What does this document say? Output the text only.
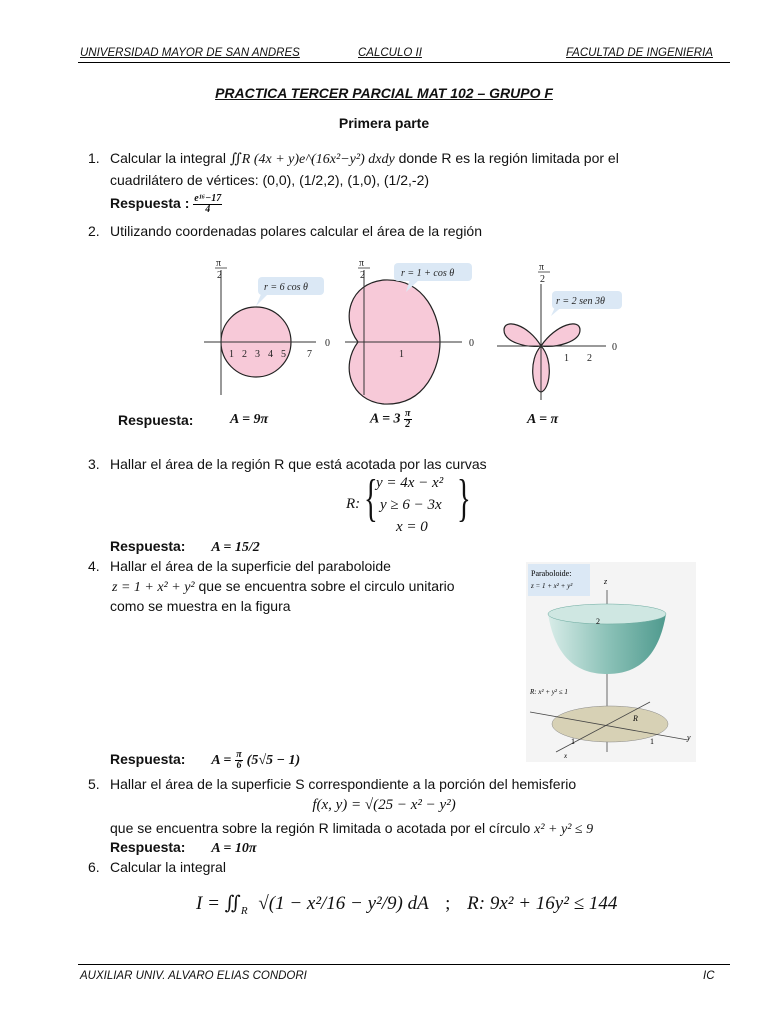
UNIVERSIDAD MAYOR DE SAN ANDRES	CALCULO II	FACULTAD DE INGENIERIA
PRACTICA TERCER PARCIAL MAT 102 – GRUPO F
Primera parte
1. Calcular la integral ∬R (4x + y)e^(16x²−y²) dxdy donde R es la región limitada por el
cuadrilátero de vértices: (0,0), (1/2,2), (1,0), (1/2,-2)
Respuesta : $\frac{\text{e¹⁶−17}}{4}$
2. Utilizando coordenadas polares calcular el área de la región
π
2
0
1 2 3 4 5 7
r = 6 cos θ
π
2
0
1
r = 1 + cos θ
π
2
0
1 2
r = 2 sen 3θ
Respuesta:	A = 9π	$A = 3 \frac{\pi}{2}$	A = π
3. Hallar el área de la región R que está acotada por las curvas
R: { }
y = 4x − x²
y ≥ 6 − 3x
x = 0
Respuesta: A = 15/2
4. Hallar el área de la superficie del paraboloide
z = 1 + x² + y² que se encuentra sobre el circulo unitario
como se muestra en la figura
Paraboloide:
z = 1 + x² + y²	z
2
R: x² + y² ≤ 1
R
1	1
x
y
Respuesta: $A = \frac{\pi}{6} (5√5 - 1)$
5. Hallar el área de la superficie S correspondiente a la porción del hemisferio
f(x, y) = √(25 − x² − y²)
que se encuentra sobre la región R limitada o acotada por el círculo x² + y² ≤ 9
Respuesta: A = 10π
6. Calcular la integral
$I = ∬_R$ √(1 − x²/16 − y²/9) dA ; R: 9x² + 16y² ≤ 144
AUXILIAR UNIV. ALVARO ELIAS CONDORI	IC
